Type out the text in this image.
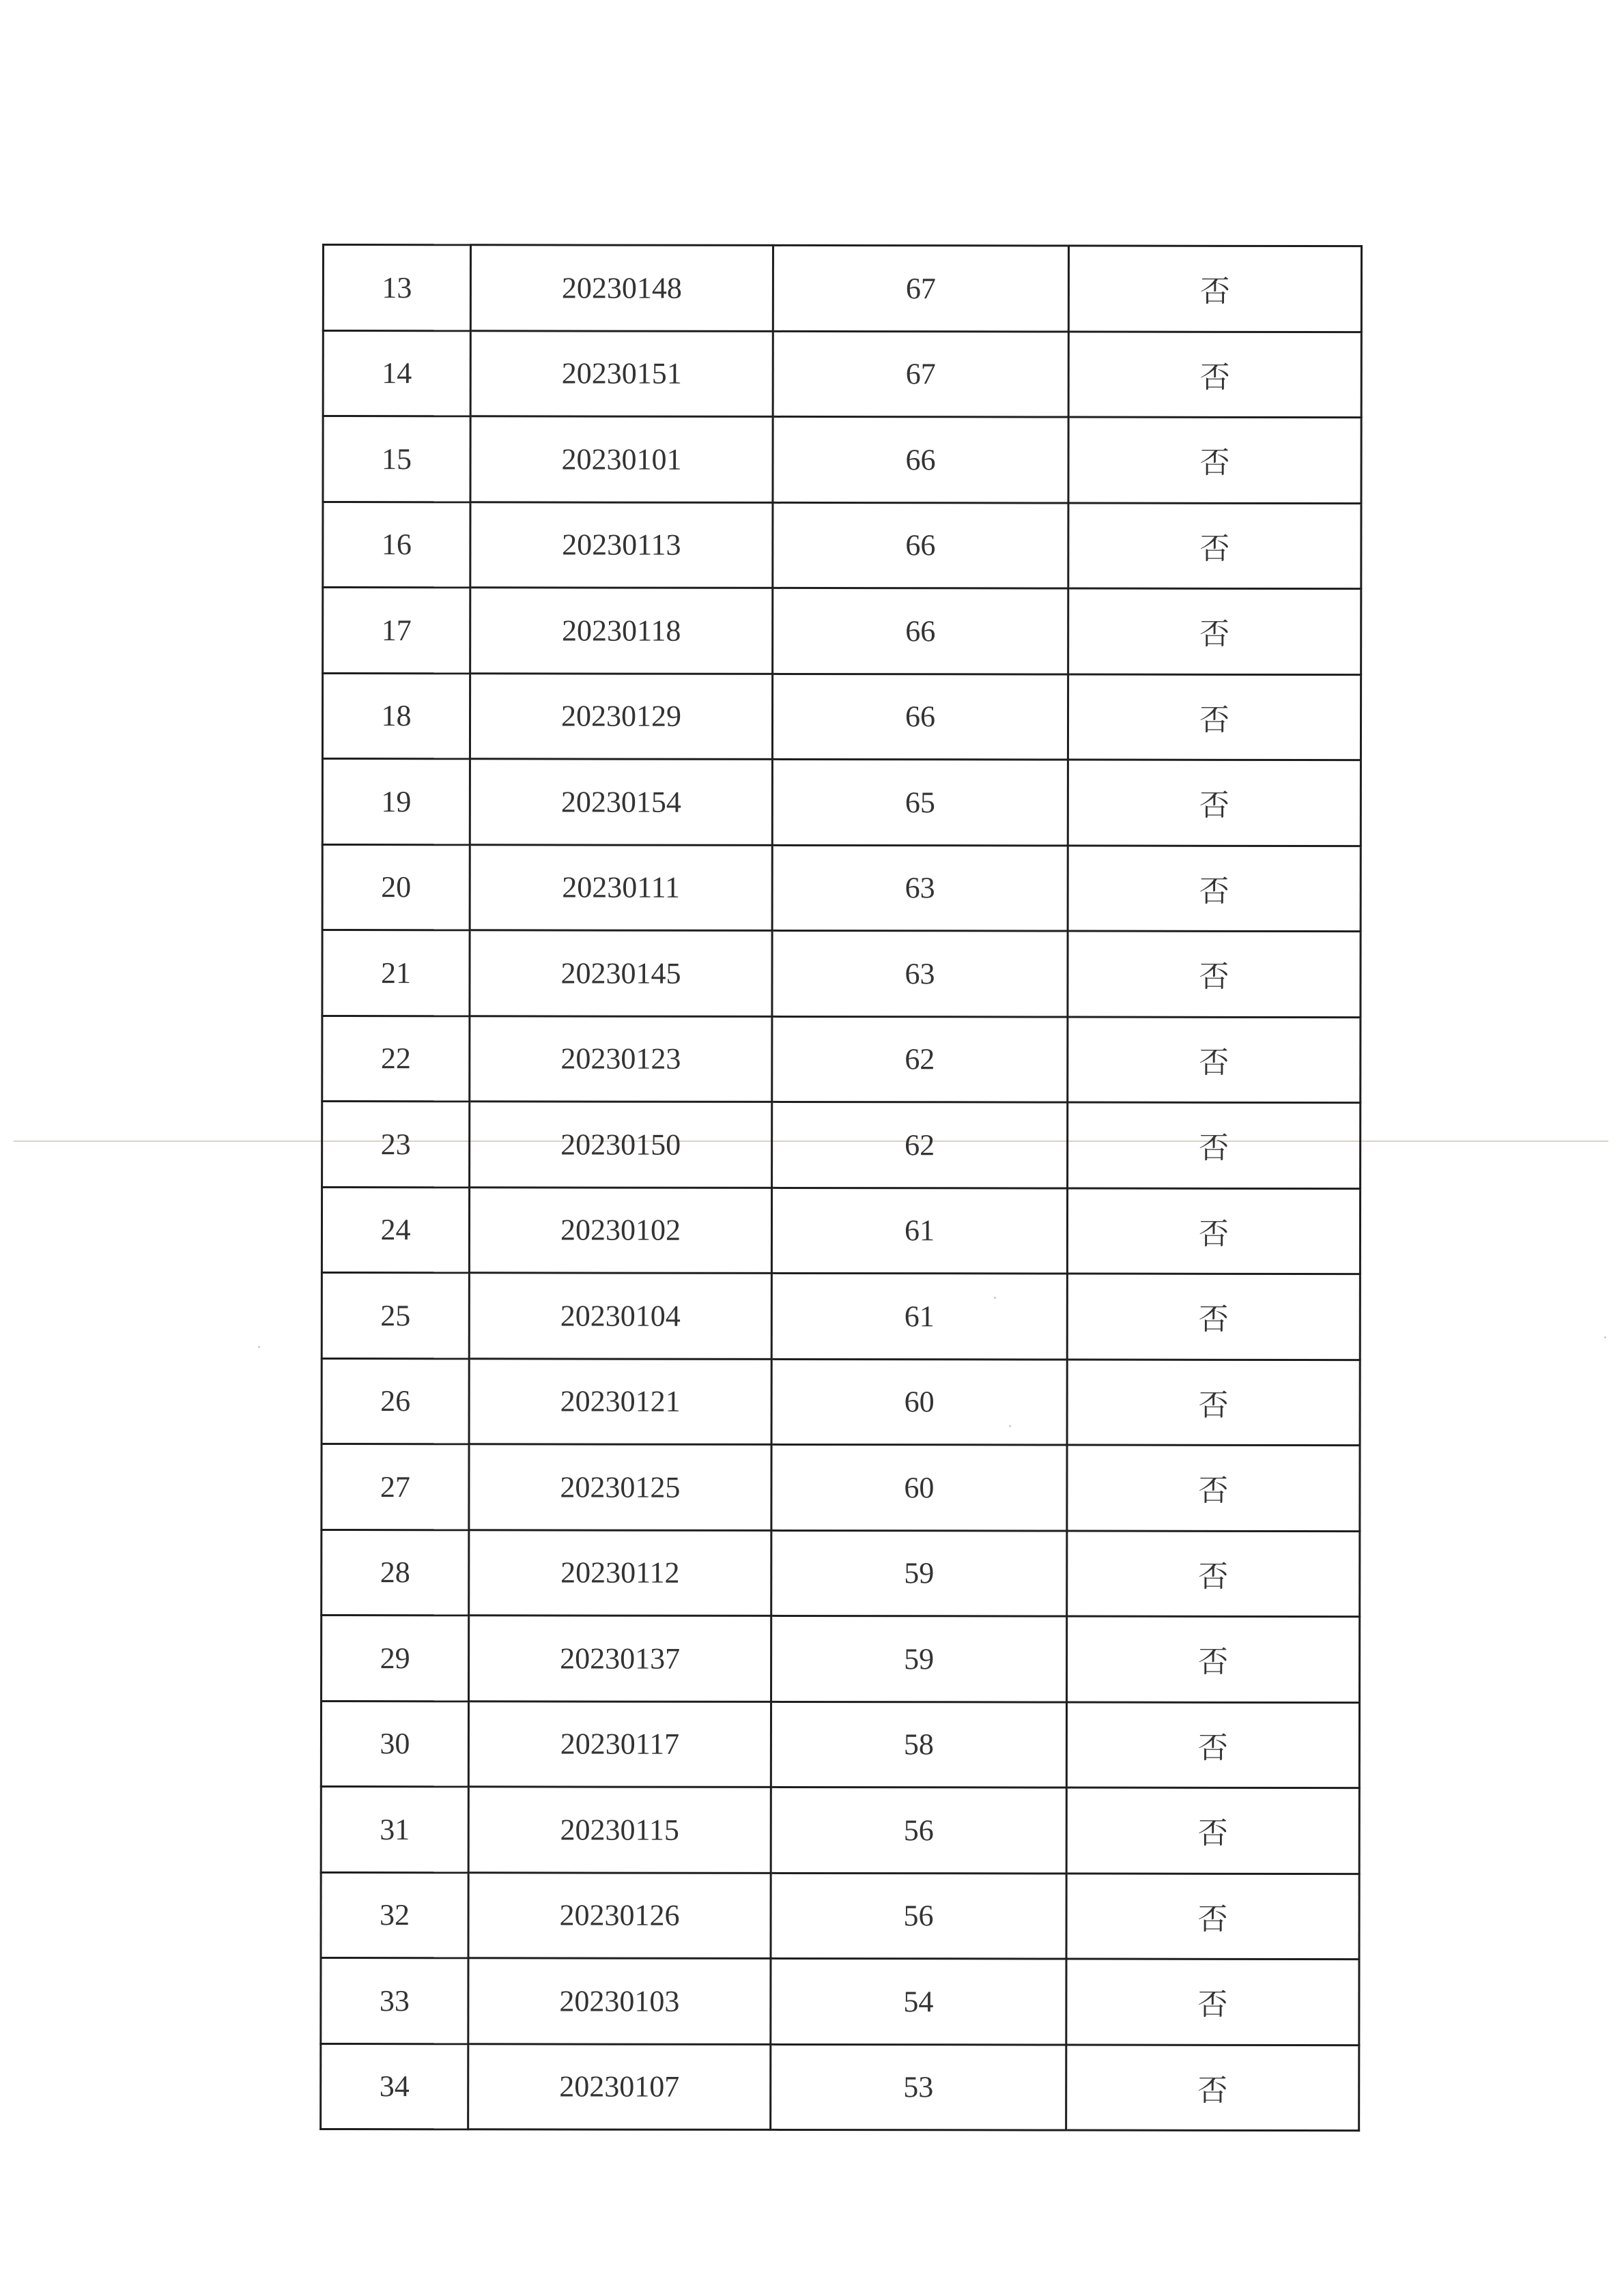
13	20230148	67	否
14	20230151	67	否
15	20230101	66	否
16	20230113	66	否
17	20230118	66	否
18	20230129	66	否
19	20230154	65	否
20	20230111	63	否
21	20230145	63	否
22	20230123	62	否
23	20230150	62	否
24	20230102	61	否
25	20230104	61	否
26	20230121	60	否
27	20230125	60	否
28	20230112	59	否
29	20230137	59	否
30	20230117	58	否
31	20230115	56	否
32	20230126	56	否
33	20230103	54	否
34	20230107	53	否
